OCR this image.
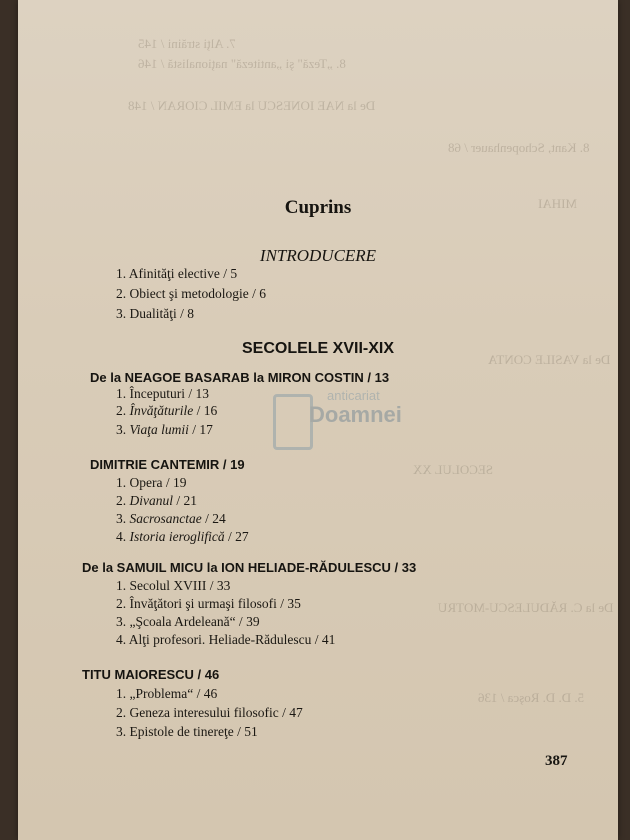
7. Alţi străini / 145
8. „Teză" şi „antiteză" naţionalistă / 146
De la NAE IONESCU la EMIL CIORAN / 148
8. Kant, Schopenhauer / 68
MIHAI
De la VASILE CONTA
SECOLUL XX
De la C. RĂDULESCU-MOTRU
5. D. D. Roşca / 136
anticariat
Doamnei
Cuprins
INTRODUCERE
1. Afinităţi elective / 5
2. Obiect şi metodologie / 6
3. Dualităţi / 8
SECOLELE XVII-XIX
De la NEAGOE BASARAB la MIRON COSTIN / 13
1. Începuturi / 13
2. Învăţăturile / 16
3. Viaţa lumii / 17
DIMITRIE CANTEMIR / 19
1. Opera / 19
2. Divanul / 21
3. Sacrosanctae / 24
4. Istoria ieroglifică / 27
De la SAMUIL MICU la ION HELIADE-RĂDULESCU / 33
1. Secolul XVIII / 33
2. Învăţători şi urmaşi filosofi / 35
3. „Şcoala Ardeleană“ / 39
4. Alţi profesori. Heliade-Rădulescu / 41
TITU MAIORESCU / 46
1. „Problema“ / 46
2. Geneza interesului filosofic / 47
3. Epistole de tinereţe / 51
387
